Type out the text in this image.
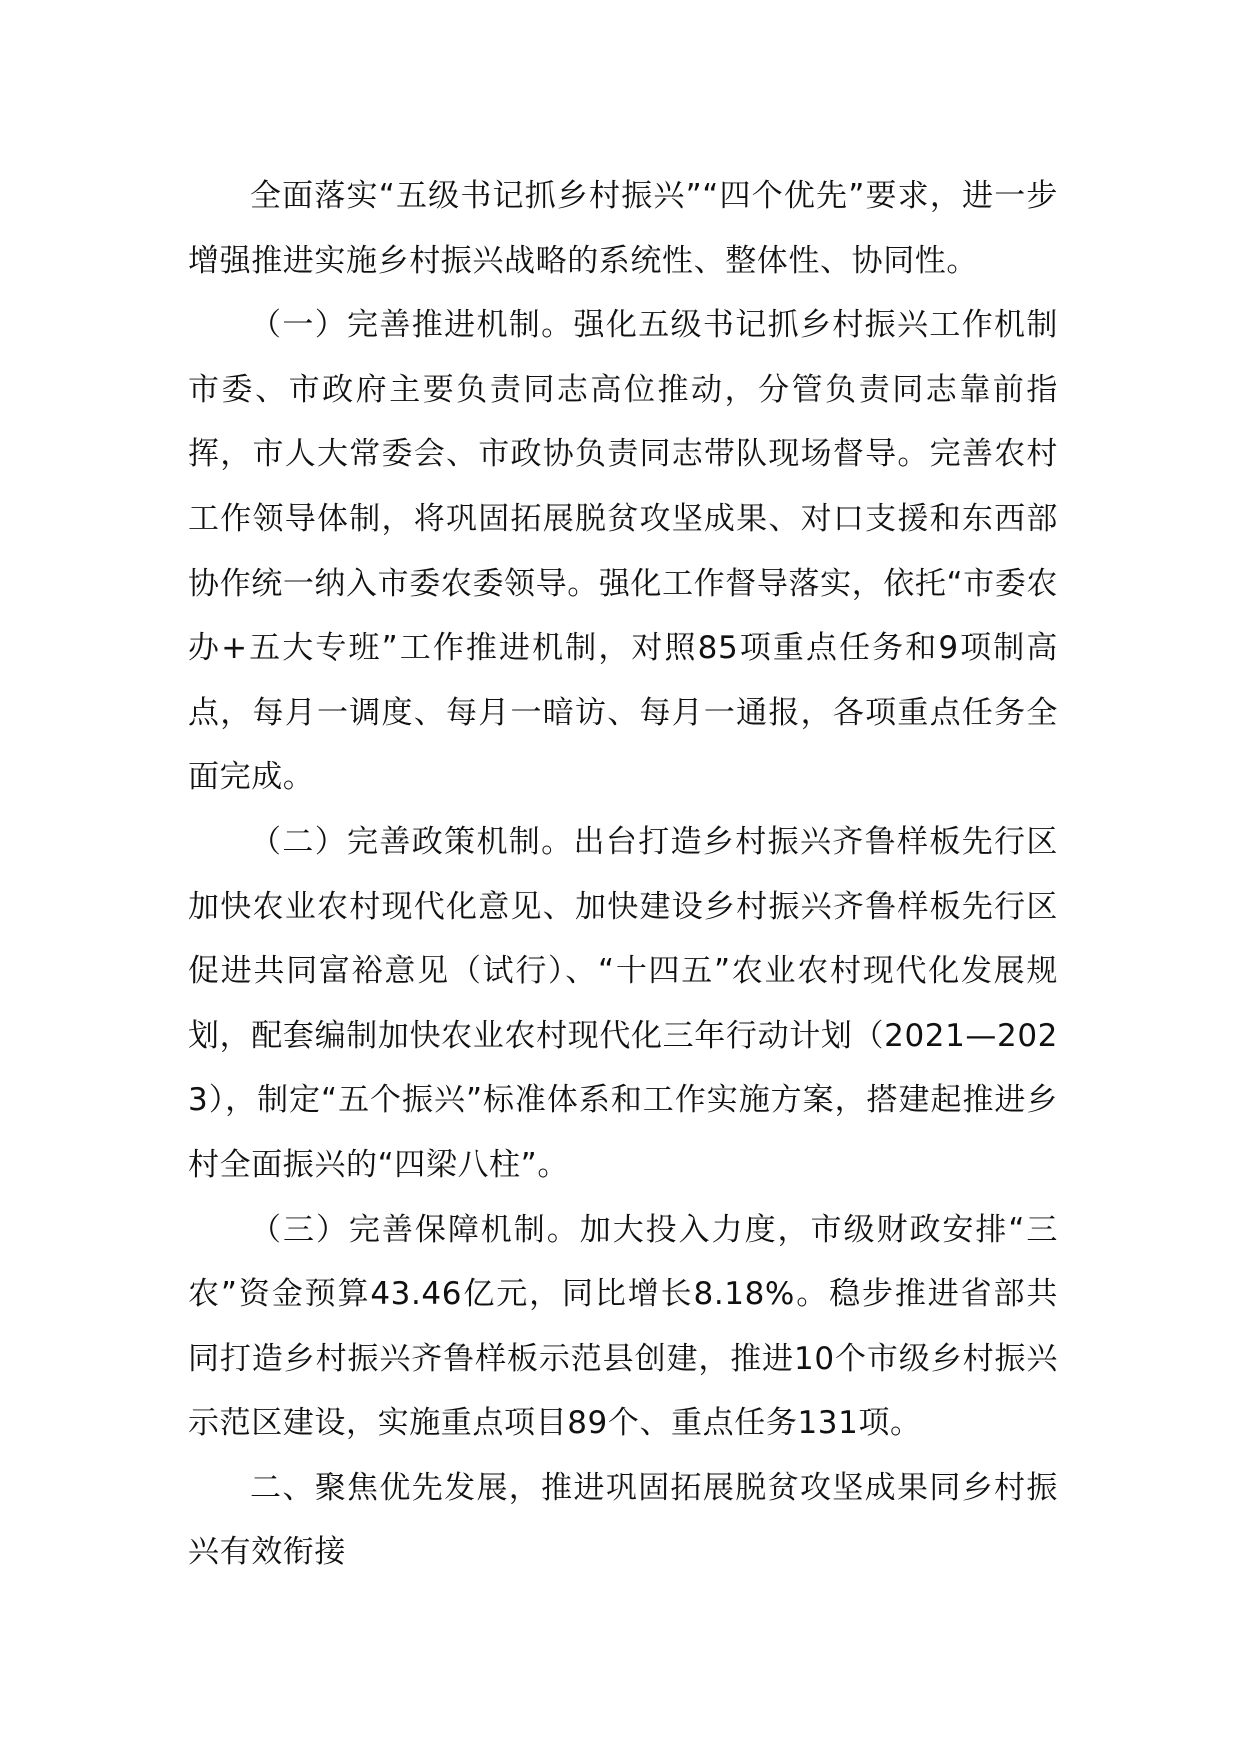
全面落实“五级书记抓乡村振兴”“四个优先”要求，进一步增强推进实施乡村振兴战略的系统性、整体性、协同性。

（一）完善推进机制。强化五级书记抓乡村振兴工作机制市委、市政府主要负责同志高位推动，分管负责同志靠前指挥，市人大常委会、市政协负责同志带队现场督导。完善农村工作领导体制，将巩固拓展脱贫攻坚成果、对口支援和东西部协作统一纳入市委农委领导。强化工作督导落实，依托“市委农办+五大专班”工作推进机制，对照85项重点任务和9项制高点，每月一调度、每月一暗访、每月一通报，各项重点任务全面完成。

（二）完善政策机制。出台打造乡村振兴齐鲁样板先行区加快农业农村现代化意见、加快建设乡村振兴齐鲁样板先行区促进共同富裕意见（试行）、“十四五”农业农村现代化发展规划，配套编制加快农业农村现代化三年行动计划（2021—2023），制定“五个振兴”标准体系和工作实施方案，搭建起推进乡村全面振兴的“四梁八柱”。

（三）完善保障机制。加大投入力度，市级财政安排“三农”资金预算43.46亿元，同比增长8.18%。稳步推进省部共同打造乡村振兴齐鲁样板示范县创建，推进10个市级乡村振兴示范区建设，实施重点项目89个、重点任务131项。

二、聚焦优先发展，推进巩固拓展脱贫攻坚成果同乡村振兴有效衔接
